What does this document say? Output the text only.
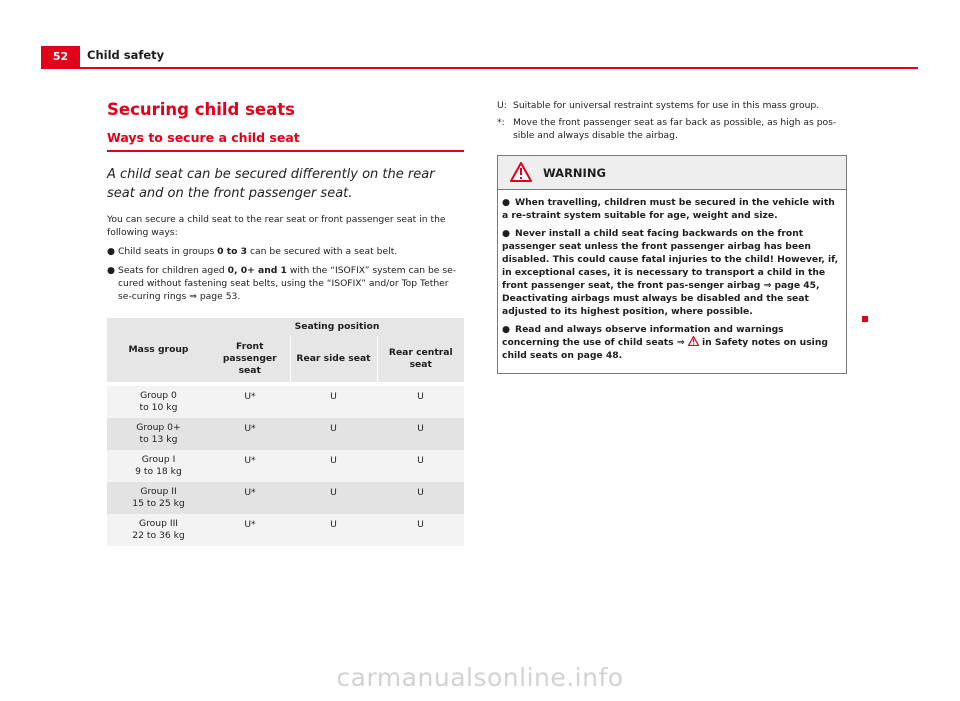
52	Child safety
Securing child seats
Ways to secure a child seat

A child seat can be secured differently on the rear seat and on the front passenger seat.

You can secure a child seat to the rear seat or front passenger seat in the following ways:

● Child seats in groups 0 to 3 can be secured with a seat belt.

● Seats for children aged 0, 0+ and 1 with the “ISOFIX” system can be se-cured without fastening seat belts, using the “ISOFIX” and/or Top Tether se-curing rings ⇒ page 53.

Mass group	Seating position		
	Front passenger seat	Rear side seat	Rear central seat

Group 0
to 10 kg	U*	U	U

Group 0+
to 13 kg	U*	U	U

Group I
9 to 18 kg	U*	U	U

Group II
15 to 25 kg	U*	U	U

Group III
22 to 36 kg	U*	U	U
U: Suitable for universal restraint systems for use in this mass group.
*: Move the front passenger seat as far back as possible, as high as pos-sible and always disable the airbag.
WARNING

● When travelling, children must be secured in the vehicle with a re-straint system suitable for age, weight and size.

● Never install a child seat facing backwards on the front passenger seat unless the front passenger airbag has been disabled. This could cause fatal injuries to the child! However, if, in exceptional cases, it is necessary to transport a child in the front passenger seat, the front pas-senger airbag ⇒ page 45, Deactivating airbags must always be disabled and the seat adjusted to its highest position, where possible.

● Read and always observe information and warnings concerning the use of child seats ⇒  in Safety notes on using child seats on page 48.

carmanualsonline.info
